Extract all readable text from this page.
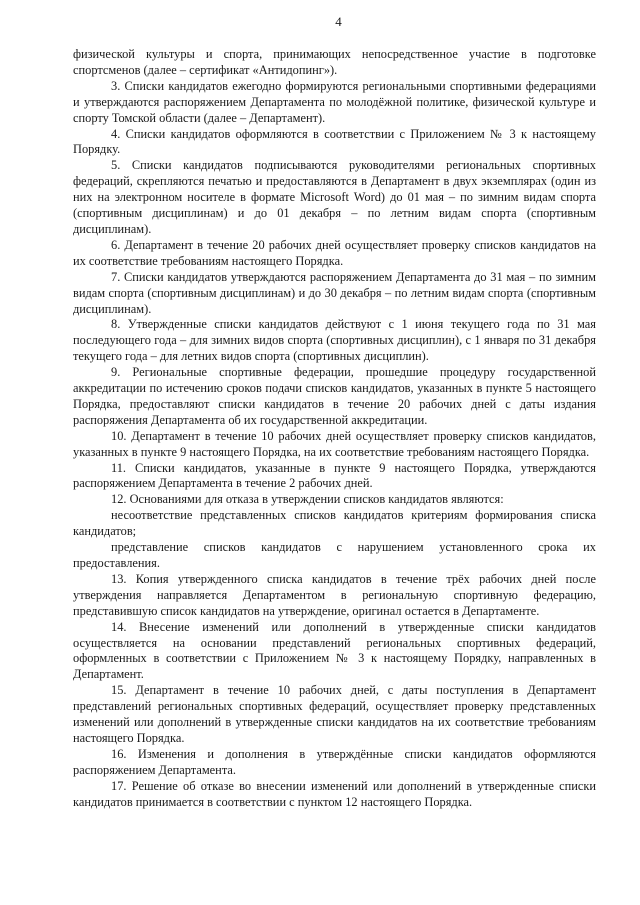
4

физической культуры и спорта, принимающих непосредственное участие в подготовке спортсменов (далее – сертификат «Антидопинг»).

3. Списки кандидатов ежегодно формируются региональными спортивными федерациями и утверждаются распоряжением Департамента по молодёжной политике, физической культуре и спорту Томской области (далее – Департамент).

4. Списки кандидатов оформляются в соответствии с Приложением № 3 к настоящему Порядку.

5. Списки кандидатов подписываются руководителями региональных спортивных федераций, скрепляются печатью и предоставляются в Департамент в двух экземплярах (один из них на электронном носителе в формате Microsoft Word) до 01 мая – по зимним видам спорта (спортивным дисциплинам) и до 01 декабря – по летним видам спорта (спортивным дисциплинам).

6. Департамент в течение 20 рабочих дней осуществляет проверку списков кандидатов на их соответствие требованиям настоящего Порядка.

7. Списки кандидатов утверждаются распоряжением Департамента до 31 мая – по зимним видам спорта (спортивным дисциплинам) и до 30 декабря – по летним видам спорта (спортивным дисциплинам).

8. Утвержденные списки кандидатов действуют с 1 июня текущего года по 31 мая последующего года – для зимних видов спорта (спортивных дисциплин), с 1 января по 31 декабря текущего года – для летних видов спорта (спортивных дисциплин).

9. Региональные спортивные федерации, прошедшие процедуру государственной аккредитации по истечению сроков подачи списков кандидатов, указанных в пункте 5 настоящего Порядка, предоставляют списки кандидатов в течение 20 рабочих дней с даты издания распоряжения Департамента об их государственной аккредитации.

10. Департамент в течение 10 рабочих дней осуществляет проверку списков кандидатов, указанных в пункте 9 настоящего Порядка, на их соответствие требованиям настоящего Порядка.

11. Списки кандидатов, указанные в пункте 9 настоящего Порядка, утверждаются распоряжением Департамента в течение 2 рабочих дней.

12. Основаниями для отказа в утверждении списков кандидатов являются:

несоответствие представленных списков кандидатов критериям формирования списка кандидатов;

представление списков кандидатов с нарушением установленного срока их предоставления.

13. Копия утвержденного списка кандидатов в течение трёх рабочих дней после утверждения направляется Департаментом в региональную спортивную федерацию, представившую список кандидатов на утверждение, оригинал остается в Департаменте.

14. Внесение изменений или дополнений в утвержденные списки кандидатов осуществляется на основании представлений региональных спортивных федераций, оформленных в соответствии с Приложением № 3 к настоящему Порядку, направленных в Департамент.

15. Департамент в течение 10 рабочих дней, с даты поступления в Департамент представлений региональных спортивных федераций, осуществляет проверку представленных изменений или дополнений в утвержденные списки кандидатов на их соответствие требованиям настоящего Порядка.

16. Изменения и дополнения в утверждённые списки кандидатов оформляются распоряжением Департамента.

17. Решение об отказе во внесении изменений или дополнений в утвержденные списки кандидатов принимается в соответствии с пунктом 12 настоящего Порядка.
